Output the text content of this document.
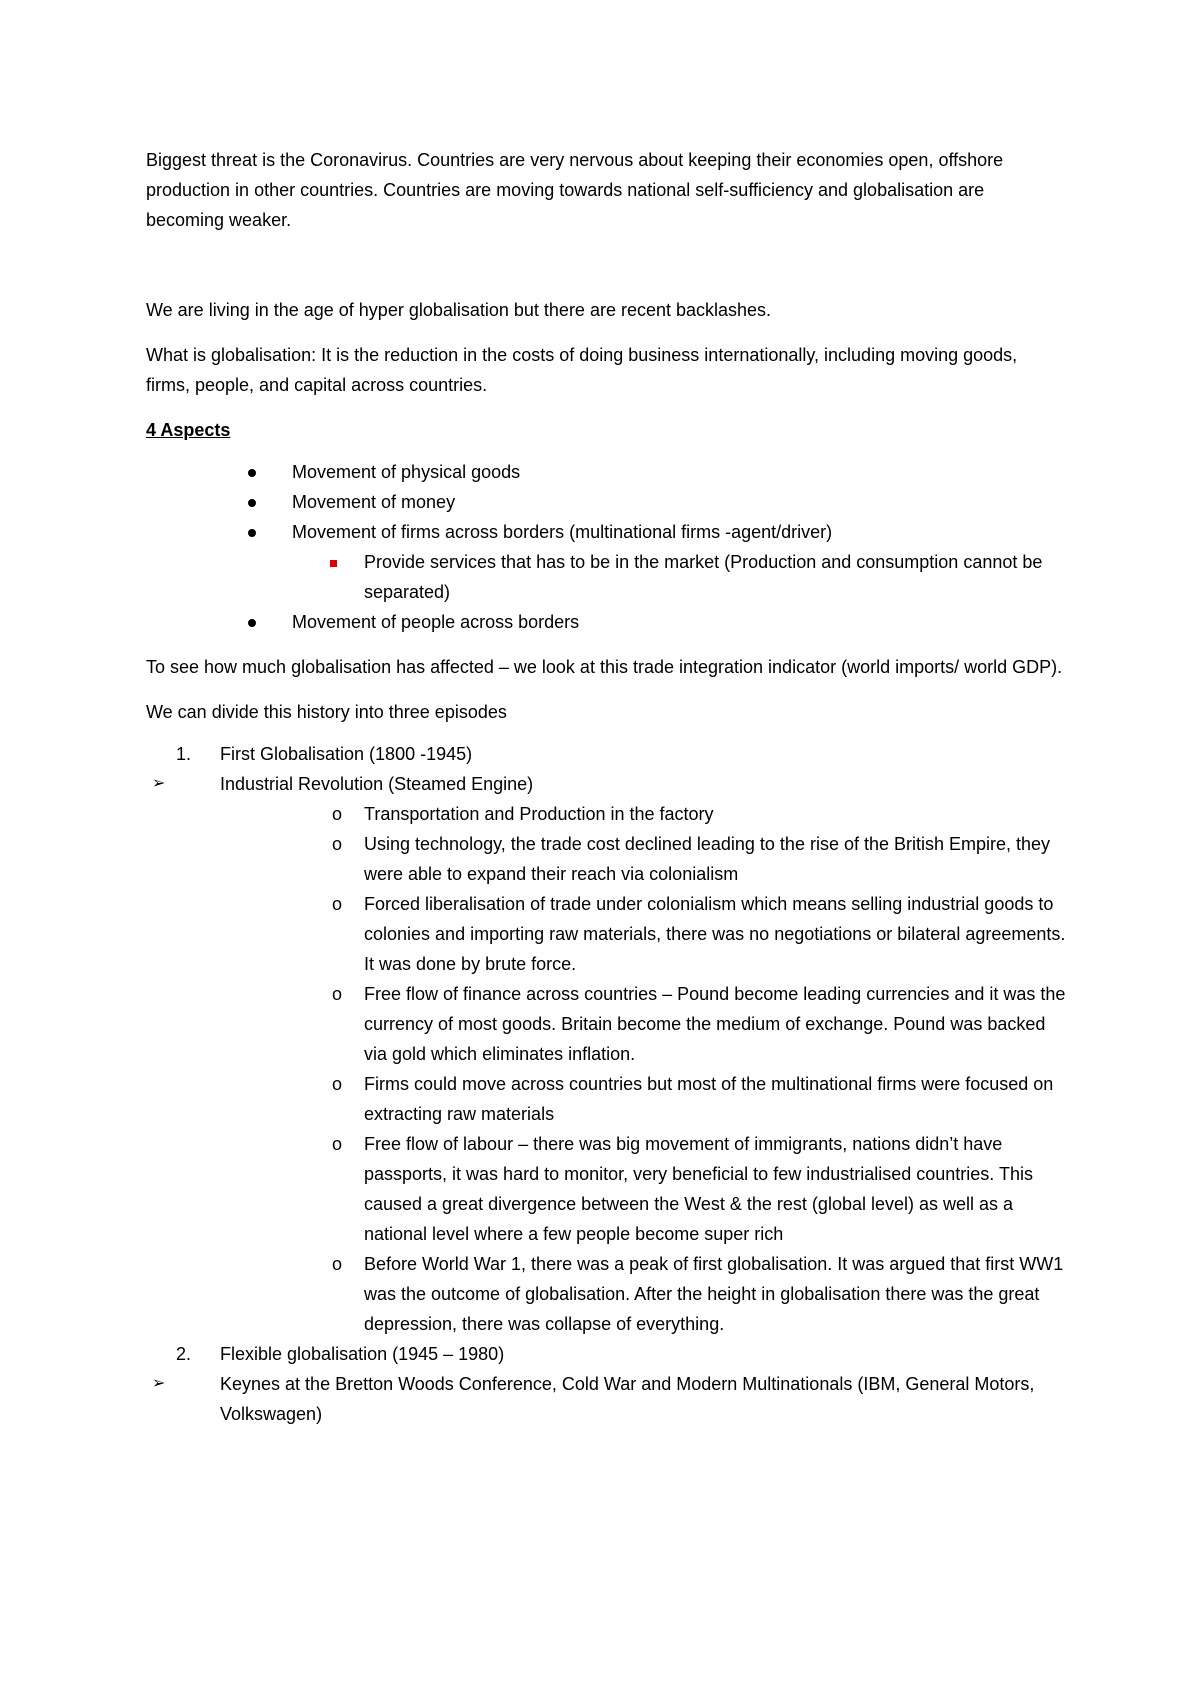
Biggest threat is the Coronavirus. Countries are very nervous about keeping their economies open, offshore production in other countries. Countries are moving towards national self-sufficiency and globalisation are becoming weaker.

We are living in the age of hyper globalisation but there are recent backlashes.

What is globalisation: It is the reduction in the costs of doing business internationally, including moving goods, firms, people, and capital across countries.

4 Aspects

Movement of physical goods
Movement of money
Movement of firms across borders (multinational firms -agent/driver)
Provide services that has to be in the market (Production and consumption cannot be separated)
Movement of people across borders

To see how much globalisation has affected – we look at this trade integration indicator (world imports/ world GDP).

We can divide this history into three episodes

1. First Globalisation (1800 -1945)
➢	Industrial Revolution (Steamed Engine)
o Transportation and Production in the factory
o Using technology, the trade cost declined leading to the rise of the British Empire, they were able to expand their reach via colonialism
o Forced liberalisation of trade under colonialism which means selling industrial goods to colonies and importing raw materials, there was no negotiations or bilateral agreements. It was done by brute force.
o Free flow of finance across countries – Pound become leading currencies and it was the currency of most goods. Britain become the medium of exchange. Pound was backed via gold which eliminates inflation.
o Firms could move across countries but most of the multinational firms were focused on extracting raw materials
o Free flow of labour – there was big movement of immigrants, nations didn’t have passports, it was hard to monitor, very beneficial to few industrialised countries. This caused a great divergence between the West & the rest (global level) as well as a national level where a few people become super rich
o Before World War 1, there was a peak of first globalisation. It was argued that first WW1 was the outcome of globalisation. After the height in globalisation there was the great depression, there was collapse of everything.
2. Flexible globalisation (1945 – 1980)
➢	Keynes at the Bretton Woods Conference, Cold War and Modern Multinationals (IBM, General Motors, Volkswagen)
